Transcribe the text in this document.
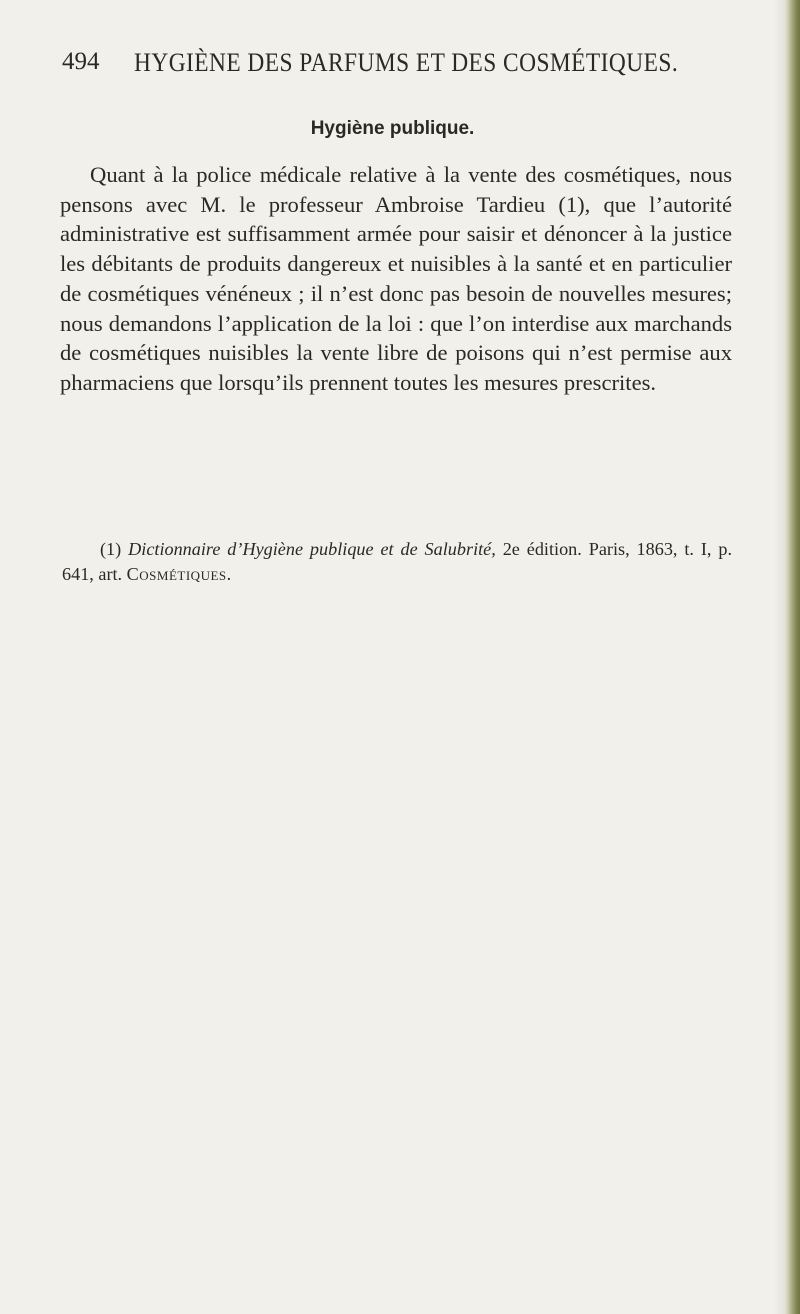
494 HYGIÈNE DES PARFUMS ET DES COSMÉTIQUES.
Hygiène publique.

Quant à la police médicale relative à la vente des cosmétiques, nous pensons avec M. le professeur Ambroise Tardieu (1), que l’autorité administrative est suffisamment armée pour saisir et dénoncer à la justice les débitants de produits dangereux et nuisibles à la santé et en particulier de cosmétiques vénéneux ; il n’est donc pas besoin de nouvelles mesures; nous demandons l’application de la loi : que l’on interdise aux marchands de cosmétiques nuisibles la vente libre de poisons qui n’est permise aux pharmaciens que lorsqu’ils prennent toutes les mesures prescrites.

(1) Dictionnaire d’Hygiène publique et de Salubrité, 2e édition. Paris, 1863, t. I, p. 641, art. Cosmétiques.
